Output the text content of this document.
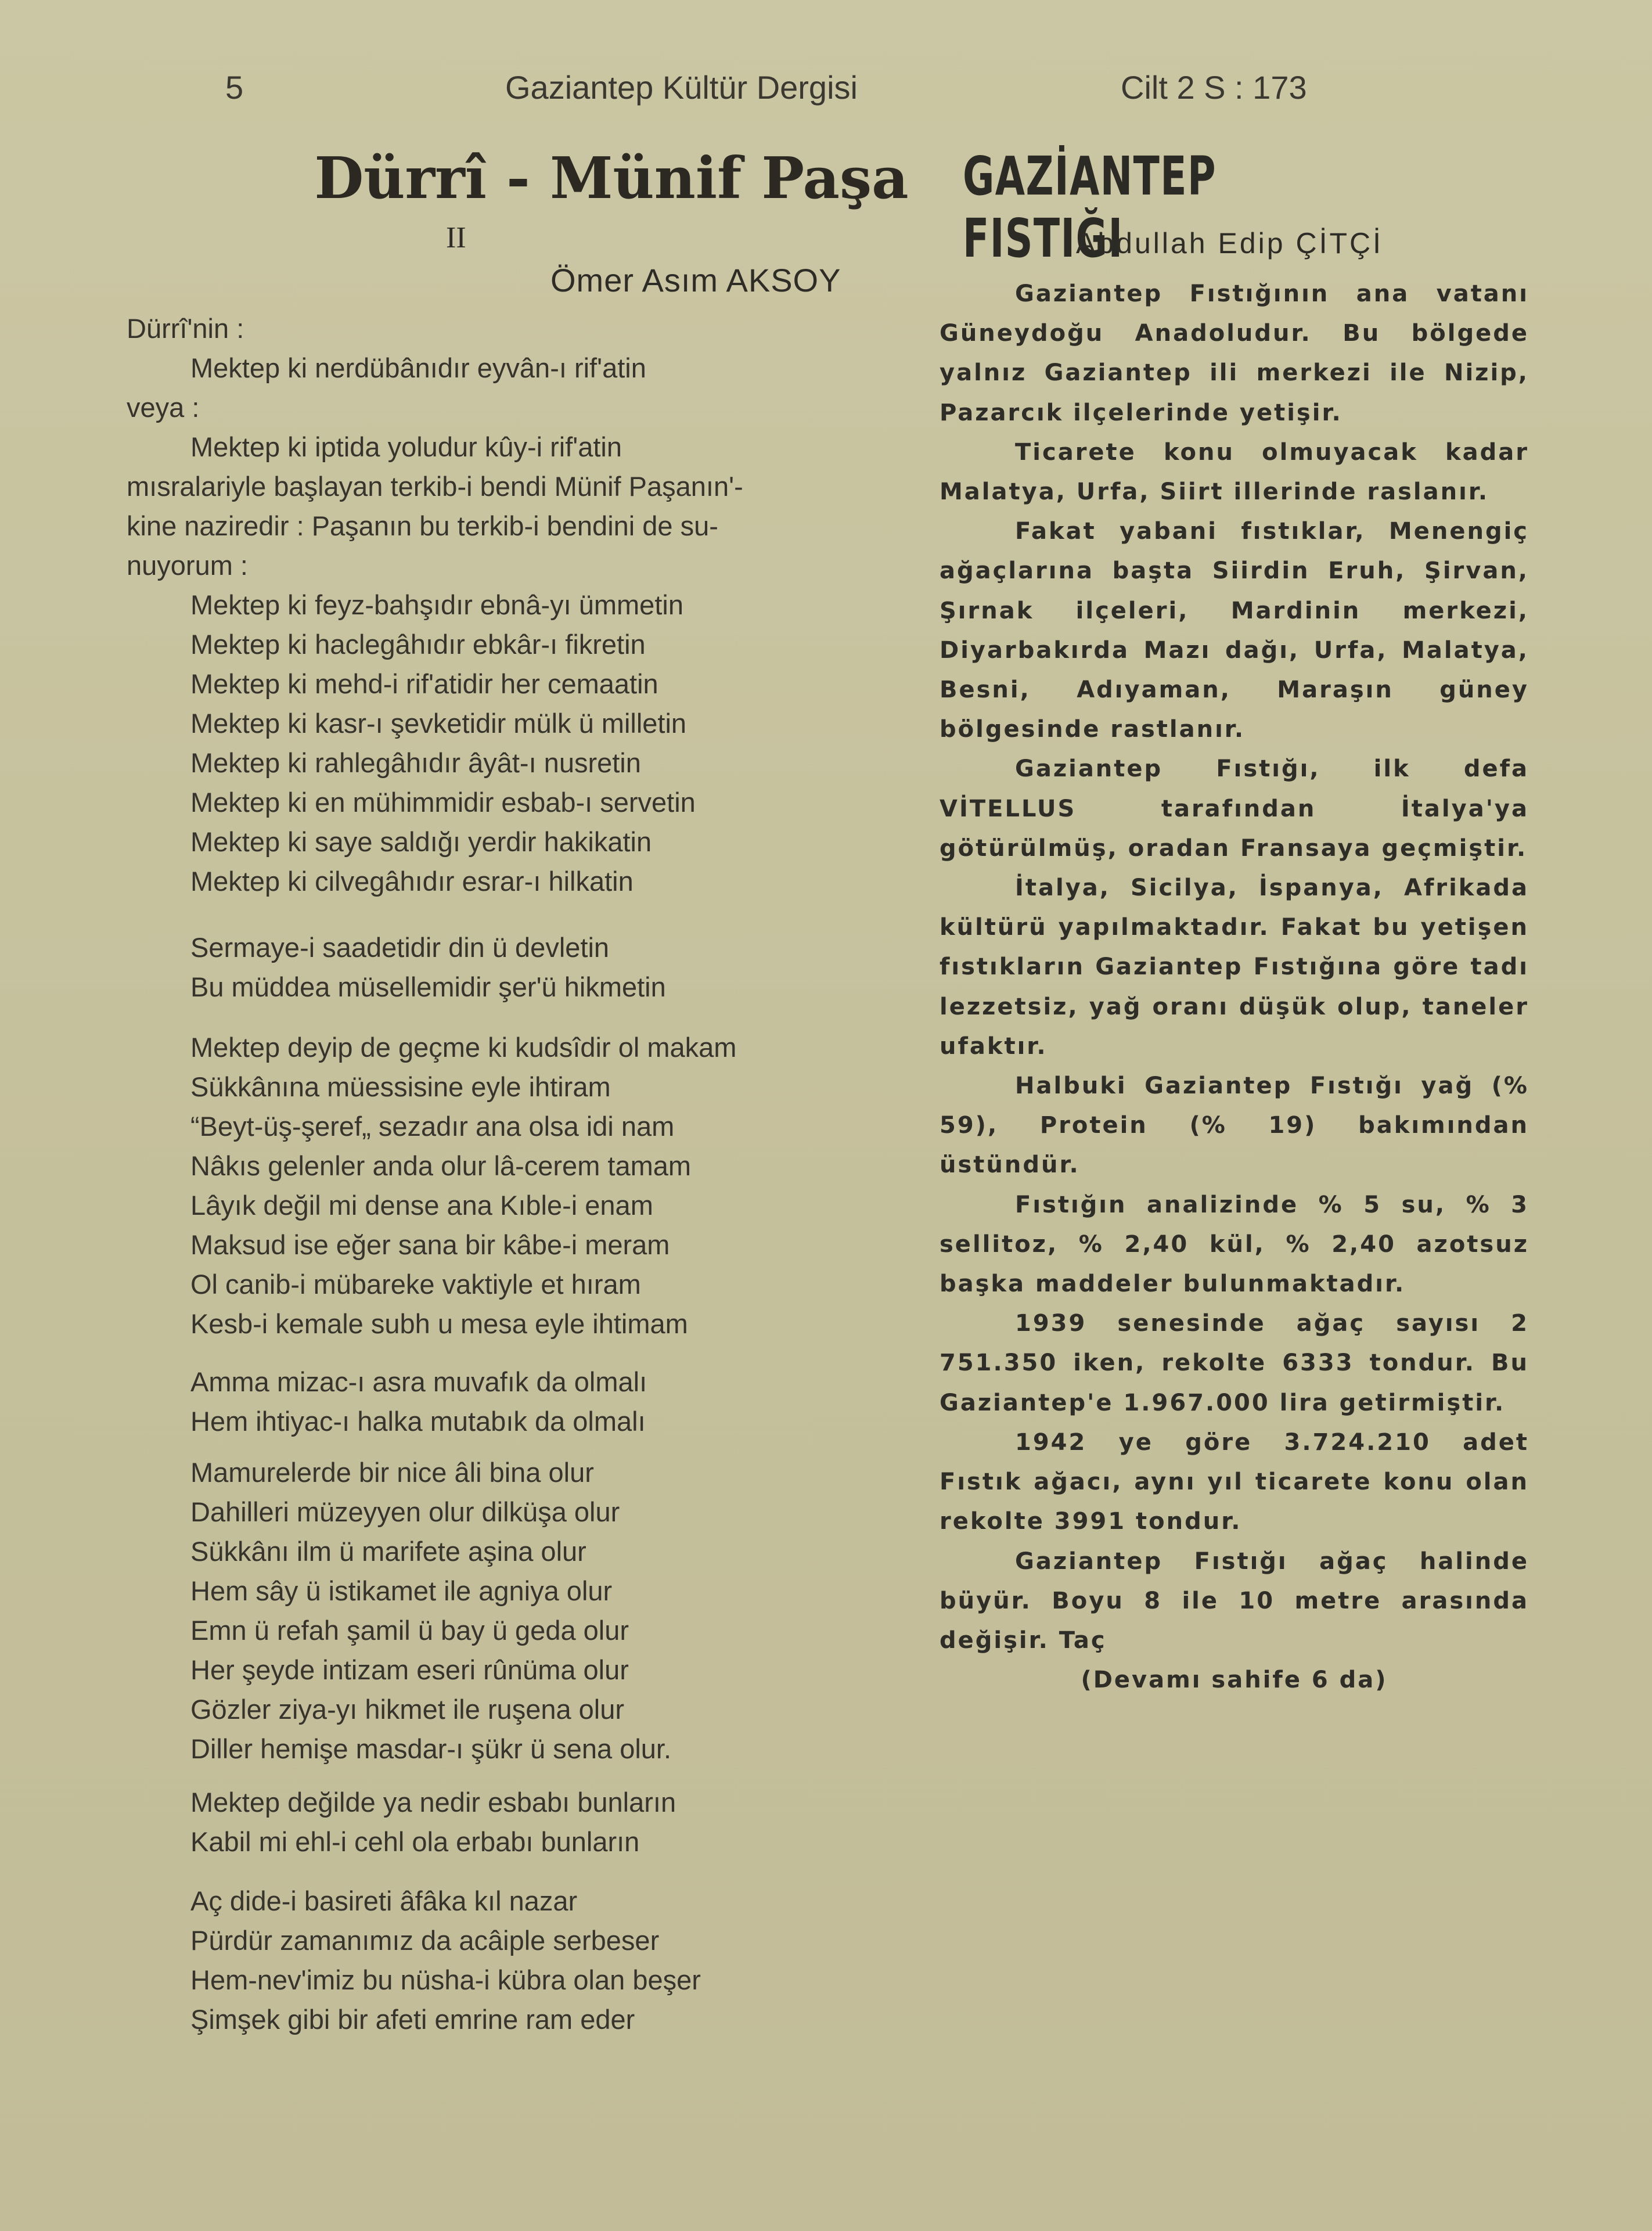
5	Gaziantep Kültür Dergisi	Cilt 2 S : 173
Dürrî - Münif Paşa
II
Ömer Asım AKSOY
Dürrî'nin :
Mektep ki nerdübânıdır eyvân-ı rif'atin
veya :
Mektep ki iptida yoludur kûy-i rif'atin
mısralariyle başlayan terkib-i bendi Münif Paşanın'-
kine naziredir : Paşanın bu terkib-i bendini de su-
nuyorum :
Mektep ki feyz-bahşıdır ebnâ-yı ümmetin
Mektep ki haclegâhıdır ebkâr-ı fikretin
Mektep ki mehd-i rif'atidir her cemaatin
Mektep ki kasr-ı şevketidir mülk ü milletin
Mektep ki rahlegâhıdır âyât-ı nusretin
Mektep ki en mühimmidir esbab-ı servetin
Mektep ki saye saldığı yerdir hakikatin
Mektep ki cilvegâhıdır esrar-ı hilkatin
Sermaye-i saadetidir din ü devletin
Bu müddea müsellemidir şer'ü hikmetin
Mektep deyip de geçme ki kudsîdir ol makam
Sükkânına müessisine eyle ihtiram
“Beyt-üş-şeref„ sezadır ana olsa idi nam
Nâkıs gelenler anda olur lâ-cerem tamam
Lâyık değil mi dense ana Kıble-i enam
Maksud ise eğer sana bir kâbe-i meram
Ol canib-i mübareke vaktiyle et hıram
Kesb-i kemale subh u mesa eyle ihtimam
Amma mizac-ı asra muvafık da olmalı
Hem ihtiyac-ı halka mutabık da olmalı
Mamurelerde bir nice âli bina olur
Dahilleri müzeyyen olur dilküşa olur
Sükkânı ilm ü marifete aşina olur
Hem sây ü istikamet ile agniya olur
Emn ü refah şamil ü bay ü geda olur
Her şeyde intizam eseri rûnüma olur
Gözler ziya-yı hikmet ile ruşena olur
Diller hemişe masdar-ı şükr ü sena olur.
Mektep değilde ya nedir esbabı bunların
Kabil mi ehl-i cehl ola erbabı bunların
Aç dide-i basireti âfâka kıl nazar
Pürdür zamanımız da acâiple serbeser
Hem-nev'imiz bu nüsha-i kübra olan beşer
Şimşek gibi bir afeti emrine ram eder
GAZİANTEP FISTIĞI
Abdullah Edip ÇİTÇİ

Gaziantep Fıstığının ana vatanı Güneydoğu Anadoludur. Bu bölgede yalnız Gaziantep ili merkezi ile Nizip, Pazarcık ilçelerinde yetişir.

Ticarete konu olmuyacak kadar Malatya, Urfa, Siirt illerinde raslanır.

Fakat yabani fıstıklar, Menengiç ağaçlarına başta Siirdin Eruh, Şirvan, Şırnak ilçeleri, Mardinin merkezi, Diyarbakırda Mazı dağı, Urfa, Malatya, Besni, Adıyaman, Maraşın güney bölgesinde rastlanır.

Gaziantep Fıstığı, ilk defa VİTELLUS tarafından İtalya'ya götürülmüş, oradan Fransaya geçmiştir.

İtalya, Sicilya, İspanya, Afrikada kültürü yapılmaktadır. Fakat bu yetişen fıstıkların Gaziantep Fıstığına göre tadı lezzetsiz, yağ oranı düşük olup, taneler ufaktır.

Halbuki Gaziantep Fıstığı yağ (% 59), Protein (% 19) bakımından üstündür.

Fıstığın analizinde % 5 su, % 3 sellitoz, % 2,40 kül, % 2,40 azotsuz başka maddeler bulunmaktadır.

1939 senesinde ağaç sayısı 2 751.350 iken, rekolte 6333 tondur. Bu Gaziantep'e 1.967.000 lira getirmiştir.

1942 ye göre 3.724.210 adet Fıstık ağacı, aynı yıl ticarete konu olan rekolte 3991 tondur.

Gaziantep Fıstığı ağaç halinde büyür. Boyu 8 ile 10 metre arasında değişir. Taç

(Devamı sahife 6 da)
